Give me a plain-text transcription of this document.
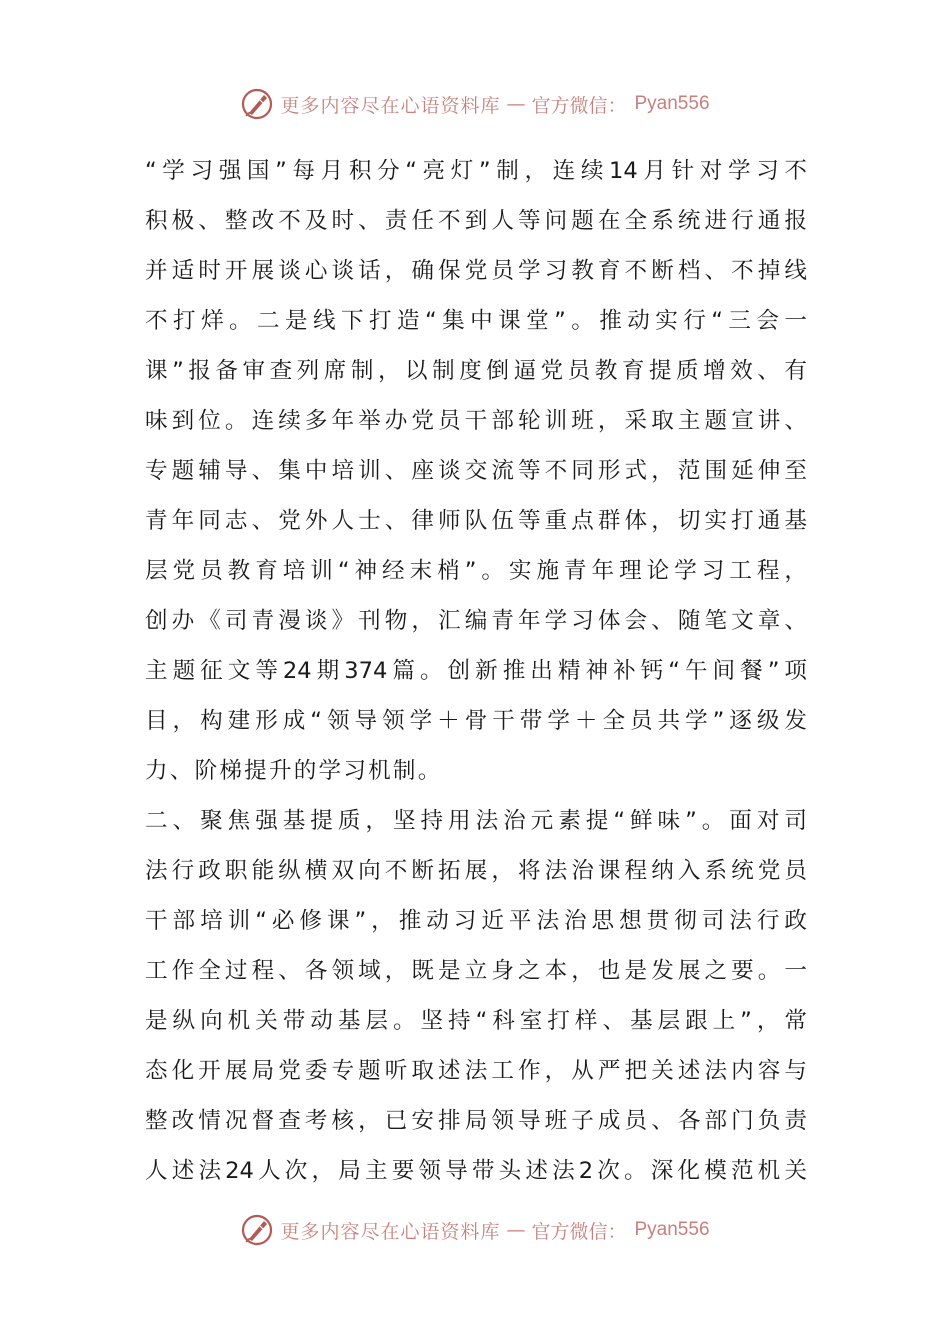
更多内容尽在心语资料库 — 官方微信： Pyan556
“学习强国”每月积分“亮灯”制，连续14月针对学习不
积极、整改不及时、责任不到人等问题在全系统进行通报
并适时开展谈心谈话，确保党员学习教育不断档、不掉线
不打烊。二是线下打造“集中课堂”。推动实行“三会一
课”报备审查列席制，以制度倒逼党员教育提质增效、有
味到位。连续多年举办党员干部轮训班，采取主题宣讲、
专题辅导、集中培训、座谈交流等不同形式，范围延伸至
青年同志、党外人士、律师队伍等重点群体，切实打通基
层党员教育培训“神经末梢”。实施青年理论学习工程，
创办《司青漫谈》刊物，汇编青年学习体会、随笔文章、
主题征文等24期374篇。创新推出精神补钙“午间餐”项
目，构建形成“领导领学＋骨干带学＋全员共学”逐级发
力、阶梯提升的学习机制。
二、聚焦强基提质，坚持用法治元素提“鲜味”。面对司
法行政职能纵横双向不断拓展，将法治课程纳入系统党员
干部培训“必修课”，推动习近平法治思想贯彻司法行政
工作全过程、各领域，既是立身之本，也是发展之要。一
是纵向机关带动基层。坚持“科室打样、基层跟上”，常
态化开展局党委专题听取述法工作，从严把关述法内容与
整改情况督查考核，已安排局领导班子成员、各部门负责
人述法24人次，局主要领导带头述法2次。深化模范机关
更多内容尽在心语资料库 — 官方微信： Pyan556
